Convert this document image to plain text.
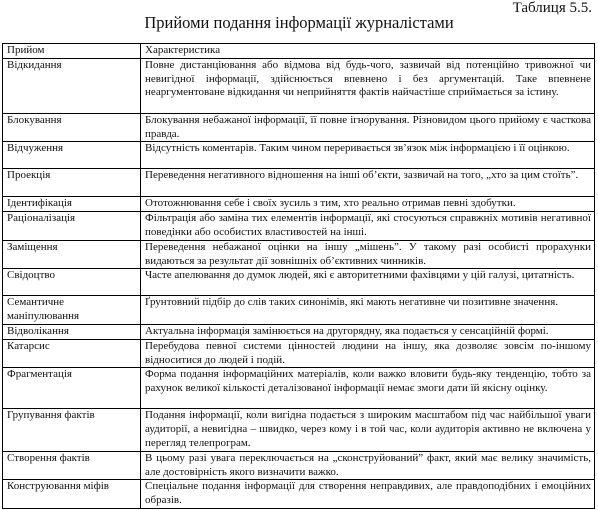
Таблиця 5.5.
Прийоми подання інформації журналістами
Прийом	Характеристика
Відкидання	Повне дистанціювання або відмова від будь-чого, зазвичай від потенційно тривожної чи невигідної інформації, здійснюється впевнено і без аргументацій. Таке впевнене неаргументоване відкидання чи неприйняття фактів найчастіше сприймається за істину.
Блокування	Блокування небажаної інформації, її повне ігнорування. Різновидом цього прийому є часткова правда.
Відчуження	Відсутність коментарів. Таким чином переривається зв’язок між інформацією і її оцінкою.
Проекція	Переведення негативного відношення на інші об’єкти, зазвичай на того, „хто за цим стоїть”.
Ідентифікація	Ототожнювання себе і своїх зусиль з тим, хто реально отримав певні здобутки.
Раціоналізація	Фільтрація або заміна тих елементів інформації, які стосуються справжніх мотивів негативної поведінки або особистих властивостей на інші.
Заміщення	Переведення небажаної оцінки на іншу „мішень”. У такому разі особисті прорахунки видаються за результат дії зовнішніх об’єктивних чинників.
Свідоцтво	Часте апелювання до думок людей, які є авторитетними фахівцями у цій галузі, цитатність.
Семантичне маніпулювання	Ґрунтовний підбір до слів таких синонімів, які мають негативне чи позитивне значення.
Відволікання	Актуальна інформація замінюється на другорядну, яка подається у сенсаційній формі.
Катарсис	Перебудова певної системи цінностей людини на іншу, яка дозволяє зовсім по-іншому відноситися до людей і подій.
Фрагментація	Форма подання інформаційних матеріалів, коли важко вловити будь-яку тенденцію, тобто за рахунок великої кількості деталізованої інформації немає змоги дати їй якісну оцінку.
Групування фактів	Подання інформації, коли вигідна подається з широким масштабом під час найбільшої уваги аудиторії, а невигідна – швидко, через кому і в той час, коли аудиторія активно не включена у перегляд телепрограм.
Створення фактів	В цьому разі увага переключається на „сконструйований” факт, який має велику значимість, але достовірність якого визначити важко.
Конструювання міфів	Спеціальне подання інформації для створення неправдивих, але правдоподібних і емоційних образів.
